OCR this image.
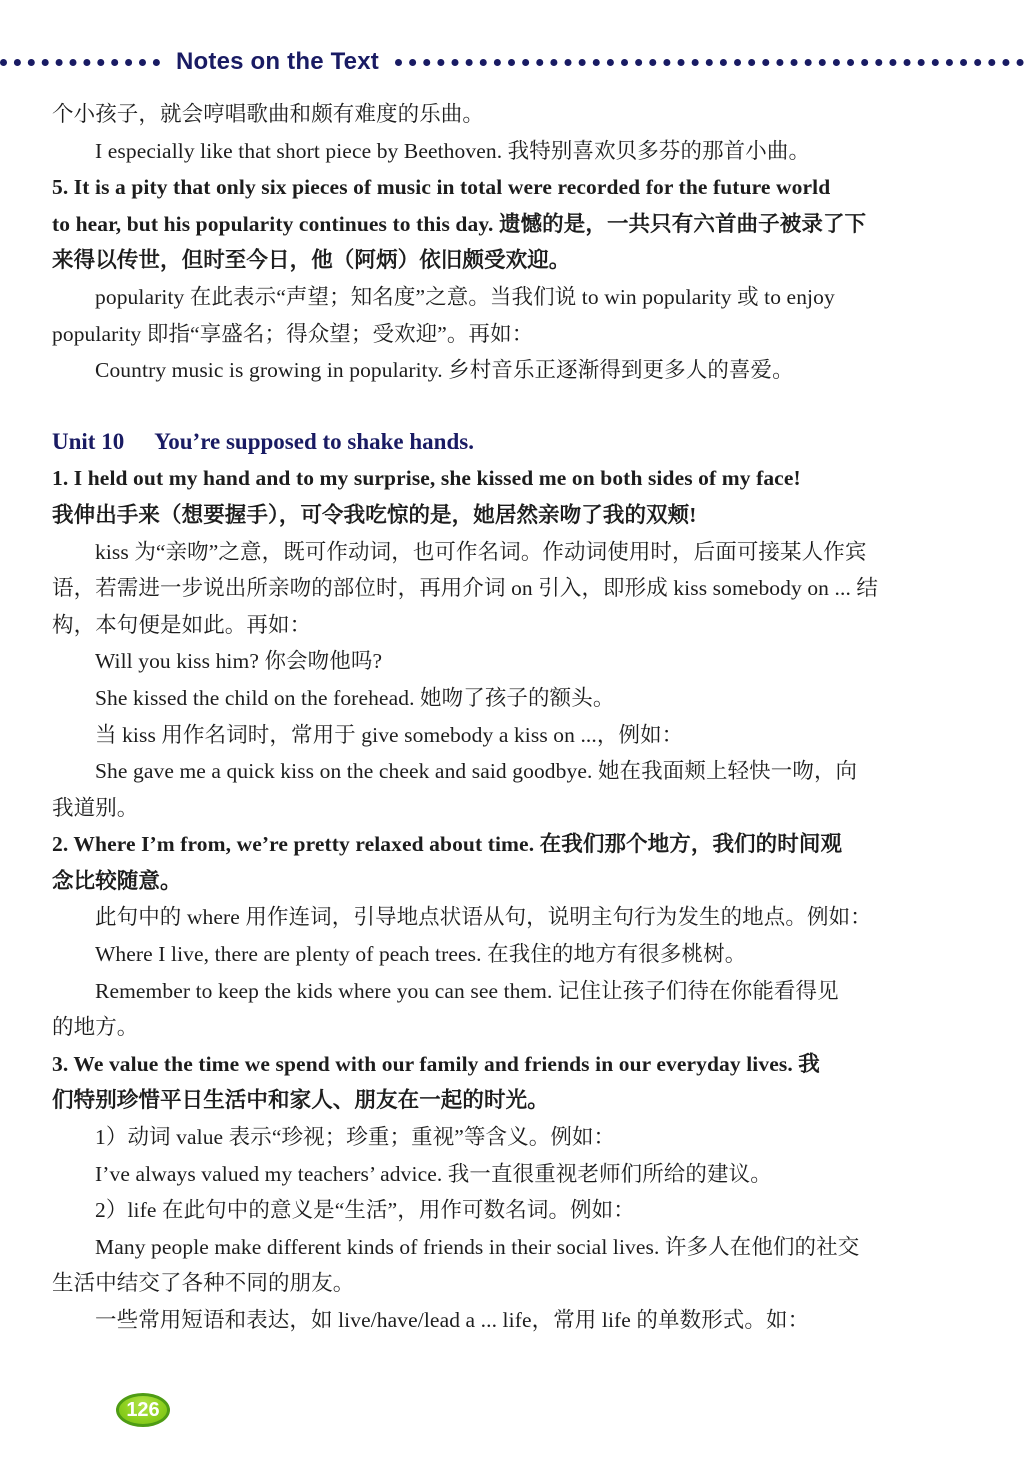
Notes on the Text
个小孩子，就会哼唱歌曲和颇有难度的乐曲。
I especially like that short piece by Beethoven. 我特别喜欢贝多芬的那首小曲。
5. It is a pity that only six pieces of music in total were recorded for the future world
to hear, but his popularity continues to this day. 遗憾的是，一共只有六首曲子被录了下
来得以传世，但时至今日，他（阿炳）依旧颇受欢迎。
popularity 在此表示“声望；知名度”之意。当我们说 to win popularity 或 to enjoy
popularity 即指“享盛名；得众望；受欢迎”。再如：
Country music is growing in popularity. 乡村音乐正逐渐得到更多人的喜爱。
Unit 10 You’re supposed to shake hands.
1. I held out my hand and to my surprise, she kissed me on both sides of my face!
我伸出手来（想要握手），可令我吃惊的是，她居然亲吻了我的双颊!
kiss 为“亲吻”之意，既可作动词，也可作名词。作动词使用时，后面可接某人作宾
语，若需进一步说出所亲吻的部位时，再用介词 on 引入，即形成 kiss somebody on ... 结
构，本句便是如此。再如：
Will you kiss him? 你会吻他吗?
She kissed the child on the forehead. 她吻了孩子的额头。
当 kiss 用作名词时，常用于 give somebody a kiss on ...，例如：
She gave me a quick kiss on the cheek and said goodbye. 她在我面颊上轻快一吻，向
我道别。
2. Where I’m from, we’re pretty relaxed about time. 在我们那个地方，我们的时间观
念比较随意。
此句中的 where 用作连词，引导地点状语从句，说明主句行为发生的地点。例如：
Where I live, there are plenty of peach trees. 在我住的地方有很多桃树。
Remember to keep the kids where you can see them. 记住让孩子们待在你能看得见
的地方。
3. We value the time we spend with our family and friends in our everyday lives. 我
们特别珍惜平日生活中和家人、朋友在一起的时光。
1）动词 value 表示“珍视；珍重；重视”等含义。例如：
I’ve always valued my teachers’ advice. 我一直很重视老师们所给的建议。
2）life 在此句中的意义是“生活”，用作可数名词。例如：
Many people make different kinds of friends in their social lives. 许多人在他们的社交
生活中结交了各种不同的朋友。
一些常用短语和表达，如 live/have/lead a ... life，常用 life 的单数形式。如：
126
